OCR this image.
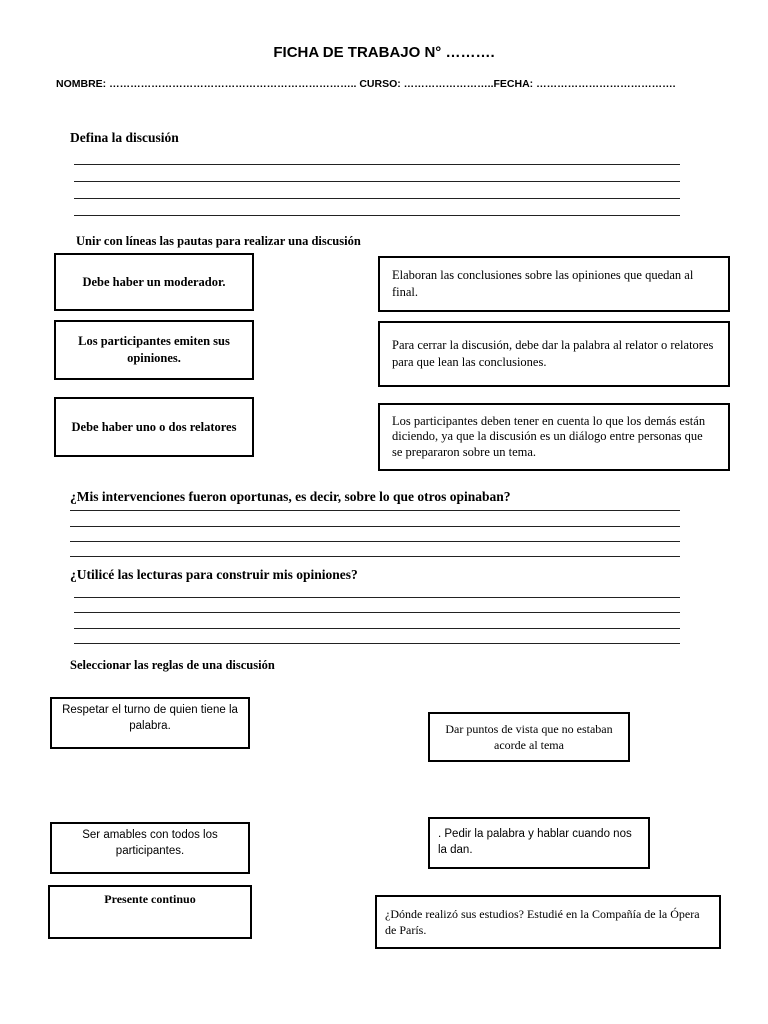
FICHA DE TRABAJO N° ……….
NOMBRE: …………………………………………………………….. CURSO: ……………………..FECHA: ………………………………….
Defina la discusión
Unir con líneas las pautas para realizar una discusión
Debe haber un moderador.
Los participantes emiten sus opiniones.
Debe haber uno o dos relatores
Elaboran las conclusiones sobre las opiniones que quedan al final.
Para cerrar la discusión, debe dar la palabra al relator o relatores para que lean las conclusiones.
Los participantes deben tener en cuenta lo que los demás están diciendo, ya que la discusión es un diálogo entre personas que se prepararon sobre un tema.
¿Mis intervenciones fueron oportunas, es decir, sobre lo que otros opinaban?
¿Utilicé las lecturas para construir mis opiniones?
Seleccionar las reglas de una discusión
Respetar el turno de quien tiene la palabra.	Dar puntos de vista que no estaban acorde al tema
Ser amables con todos los participantes.
. Pedir la palabra y hablar cuando nos la dan.
Presente continuo
¿Dónde realizó sus estudios? Estudié en la Compañía de la Ópera de París.
